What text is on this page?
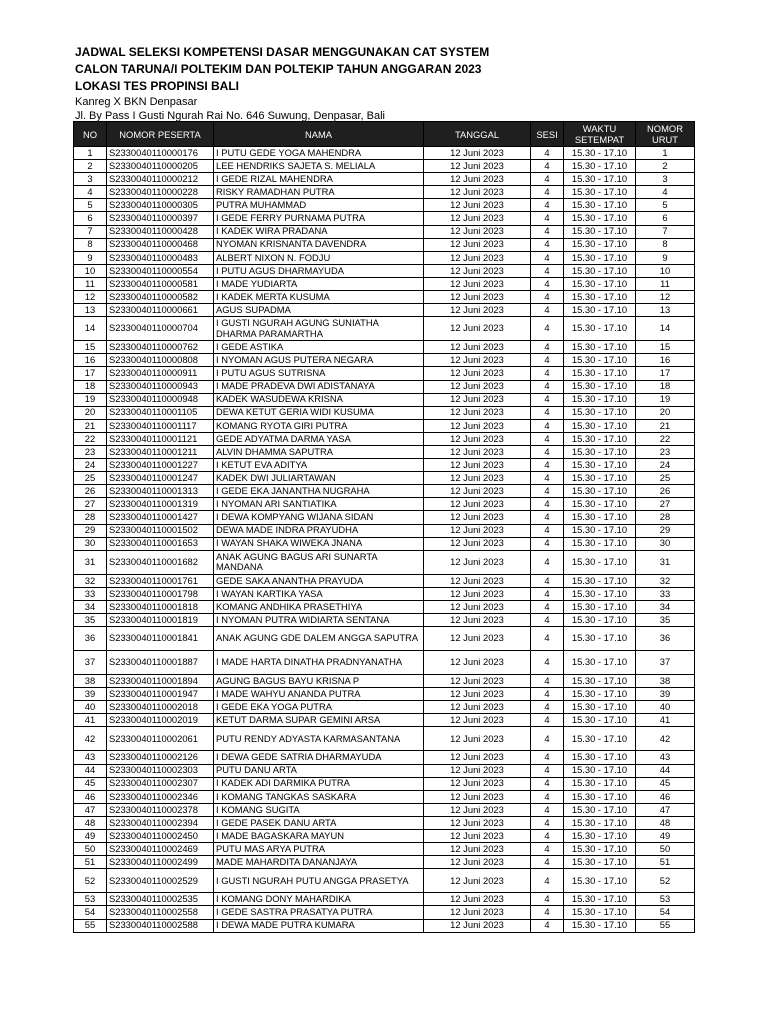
JADWAL SELEKSI KOMPETENSI DASAR MENGGUNAKAN CAT SYSTEM
CALON TARUNA/I POLTEKIM DAN POLTEKIP TAHUN ANGGARAN 2023
LOKASI TES PROPINSI BALI
Kanreg X BKN Denpasar
Jl. By Pass I Gusti Ngurah Rai No. 646 Suwung, Denpasar, Bali
NO	NOMOR PESERTA	NAMA	TANGGAL	SESI	WAKTU SETEMPAT	NOMOR URUT
1	S2330040110000176	I PUTU GEDE YOGA MAHENDRA	12 Juni 2023	4	15.30 - 17.10	1
2	S2330040110000205	LEE HENDRIKS SAJETA S. MELIALA	12 Juni 2023	4	15.30 - 17.10	2
3	S2330040110000212	I GEDE RIZAL MAHENDRA	12 Juni 2023	4	15.30 - 17.10	3
4	S2330040110000228	RISKY RAMADHAN PUTRA	12 Juni 2023	4	15.30 - 17.10	4
5	S2330040110000305	PUTRA MUHAMMAD	12 Juni 2023	4	15.30 - 17.10	5
6	S2330040110000397	I GEDE FERRY PURNAMA PUTRA	12 Juni 2023	4	15.30 - 17.10	6
7	S2330040110000428	I KADEK WIRA PRADANA	12 Juni 2023	4	15.30 - 17.10	7
8	S2330040110000468	NYOMAN KRISNANTA DAVENDRA	12 Juni 2023	4	15.30 - 17.10	8
9	S2330040110000483	ALBERT NIXON N. FODJU	12 Juni 2023	4	15.30 - 17.10	9
10	S2330040110000554	I PUTU AGUS DHARMAYUDA	12 Juni 2023	4	15.30 - 17.10	10
11	S2330040110000581	I MADE YUDIARTA	12 Juni 2023	4	15.30 - 17.10	11
12	S2330040110000582	I KADEK MERTA KUSUMA	12 Juni 2023	4	15.30 - 17.10	12
13	S2330040110000661	AGUS SUPADMA	12 Juni 2023	4	15.30 - 17.10	13
14	S2330040110000704	I GUSTI NGURAH AGUNG SUNIATHA DHARMA PARAMARTHA	12 Juni 2023	4	15.30 - 17.10	14
15	S2330040110000762	I GEDE ASTIKA	12 Juni 2023	4	15.30 - 17.10	15
16	S2330040110000808	I NYOMAN AGUS PUTERA NEGARA	12 Juni 2023	4	15.30 - 17.10	16
17	S2330040110000911	I PUTU AGUS SUTRISNA	12 Juni 2023	4	15.30 - 17.10	17
18	S2330040110000943	I MADE PRADEVA DWI ADISTANAYA	12 Juni 2023	4	15.30 - 17.10	18
19	S2330040110000948	KADEK WASUDEWA KRISNA	12 Juni 2023	4	15.30 - 17.10	19
20	S2330040110001105	DEWA KETUT GERIA WIDI KUSUMA	12 Juni 2023	4	15.30 - 17.10	20
21	S2330040110001117	KOMANG RYOTA GIRI PUTRA	12 Juni 2023	4	15.30 - 17.10	21
22	S2330040110001121	GEDE ADYATMA DARMA YASA	12 Juni 2023	4	15.30 - 17.10	22
23	S2330040110001211	ALVIN DHAMMA SAPUTRA	12 Juni 2023	4	15.30 - 17.10	23
24	S2330040110001227	I KETUT EVA ADITYA	12 Juni 2023	4	15.30 - 17.10	24
25	S2330040110001247	KADEK DWI JULIARTAWAN	12 Juni 2023	4	15.30 - 17.10	25
26	S2330040110001313	I GEDE EKA JANANTHA NUGRAHA	12 Juni 2023	4	15.30 - 17.10	26
27	S2330040110001319	I NYOMAN ARI SANTIATIKA	12 Juni 2023	4	15.30 - 17.10	27
28	S2330040110001427	I DEWA KOMPYANG WIJANA SIDAN	12 Juni 2023	4	15.30 - 17.10	28
29	S2330040110001502	DEWA MADE INDRA PRAYUDHA	12 Juni 2023	4	15.30 - 17.10	29
30	S2330040110001653	I WAYAN SHAKA WIWEKA JNANA	12 Juni 2023	4	15.30 - 17.10	30
31	S2330040110001682	ANAK AGUNG BAGUS ARI SUNARTA MANDANA	12 Juni 2023	4	15.30 - 17.10	31
32	S2330040110001761	GEDE SAKA ANANTHA PRAYUDA	12 Juni 2023	4	15.30 - 17.10	32
33	S2330040110001798	I WAYAN KARTIKA YASA	12 Juni 2023	4	15.30 - 17.10	33
34	S2330040110001818	KOMANG ANDHIKA PRASETHIYA	12 Juni 2023	4	15.30 - 17.10	34
35	S2330040110001819	I NYOMAN PUTRA WIDIARTA SENTANA	12 Juni 2023	4	15.30 - 17.10	35
36	S2330040110001841	ANAK AGUNG GDE DALEM ANGGA SAPUTRA	12 Juni 2023	4	15.30 - 17.10	36
37	S2330040110001887	I MADE HARTA DINATHA PRADNYANATHA	12 Juni 2023	4	15.30 - 17.10	37
38	S2330040110001894	AGUNG BAGUS BAYU KRISNA P	12 Juni 2023	4	15.30 - 17.10	38
39	S2330040110001947	I MADE WAHYU ANANDA PUTRA	12 Juni 2023	4	15.30 - 17.10	39
40	S2330040110002018	I GEDE EKA YOGA PUTRA	12 Juni 2023	4	15.30 - 17.10	40
41	S2330040110002019	KETUT DARMA SUPAR GEMINI ARSA	12 Juni 2023	4	15.30 - 17.10	41
42	S2330040110002061	PUTU RENDY ADYASTA KARMASANTANA	12 Juni 2023	4	15.30 - 17.10	42
43	S2330040110002126	I DEWA GEDE SATRIA DHARMAYUDA	12 Juni 2023	4	15.30 - 17.10	43
44	S2330040110002303	PUTU DANU ARTA	12 Juni 2023	4	15.30 - 17.10	44
45	S2330040110002307	I KADEK ADI DARMIKA PUTRA	12 Juni 2023	4	15.30 - 17.10	45
46	S2330040110002346	I KOMANG TANGKAS SASKARA	12 Juni 2023	4	15.30 - 17.10	46
47	S2330040110002378	I KOMANG SUGITA	12 Juni 2023	4	15.30 - 17.10	47
48	S2330040110002394	I GEDE PASEK DANU ARTA	12 Juni 2023	4	15.30 - 17.10	48
49	S2330040110002450	I MADE BAGASKARA MAYUN	12 Juni 2023	4	15.30 - 17.10	49
50	S2330040110002469	PUTU MAS ARYA PUTRA	12 Juni 2023	4	15.30 - 17.10	50
51	S2330040110002499	MADE MAHARDITA DANANJAYA	12 Juni 2023	4	15.30 - 17.10	51
52	S2330040110002529	I GUSTI NGURAH PUTU ANGGA PRASETYA	12 Juni 2023	4	15.30 - 17.10	52
53	S2330040110002535	I KOMANG DONY MAHARDIKA	12 Juni 2023	4	15.30 - 17.10	53
54	S2330040110002558	I GEDE SASTRA PRASATYA PUTRA	12 Juni 2023	4	15.30 - 17.10	54
55	S2330040110002588	I DEWA MADE PUTRA KUMARA	12 Juni 2023	4	15.30 - 17.10	55
